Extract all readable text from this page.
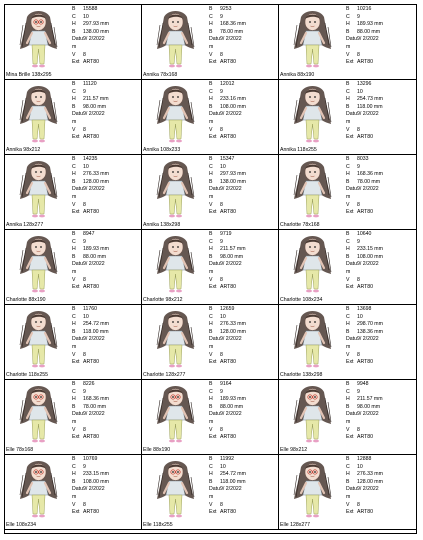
Mina Brille 138x295
B	15588
C	10
H	297.93 mm
B	138.00 mm
Datu 9/ 2/2022
m
V	8
Ext ART80
Annika 78x168
B	9253
C	9
H	168.36 mm
B	78.00 mm
Datu 9/ 2/2022
m
V	8
Ext ART80
Annika 88x190
B	10216
C	9
H	189.93 mm
B	88.00 mm
Datu 9/ 2/2022
m
V	8
Ext ART80
Annika 98x212
B	11120
C	9
H	211.57 mm
B	98.00 mm
Datu 9/ 2/2022
m
V	8
Ext ART80
Annika 108x233
B	12012
C	9
H	233.16 mm
B	108.00 mm
Datu 9/ 2/2022
m
V	8
Ext ART80
Annika 118x255
B	13296
C	10
H	254.73 mm
B	118.00 mm
Datu 9/ 2/2022
m
V	8
Ext ART80
Annika 128x277
B	14235
C	10
H	276.33 mm
B	128.00 mm
Datu 9/ 2/2022
m
V	8
Ext ART80
Annika 138x298
B	15347
C	10
H	297.93 mm
B	138.00 mm
Datu 9/ 2/2022
m
V	8
Ext ART80
Charlotte 78x168
B	8033
C	9
H	168.36 mm
B	78.00 mm
Datu 9/ 2/2022
m
V	8
Ext ART80
Charlotte 88x190
B	8947
C	9
H	189.93 mm
B	88.00 mm
Datu 9/ 2/2022
m
V	8
Ext ART80
Charlotte 98x212
B	9719
C	9
H	211.57 mm
B	98.00 mm
Datu 9/ 2/2022
m
V	8
Ext ART80
Charlotte 108x234
B	10640
C	9
H	233.15 mm
B	108.00 mm
Datu 9/ 2/2022
m
V	8
Ext ART80
Charlotte 118x255
B	11760
C	10
H	254.72 mm
B	118.00 mm
Datu 9/ 2/2022
m
V	8
Ext ART80
Charlotte 128x277
B	12659
C	10
H	276.33 mm
B	128.00 mm
Datu 9/ 2/2022
m
V	8
Ext ART80
Charlotte 138x298
B	13698
C	10
H	298.70 mm
B	138.36 mm
Datu 9/ 2/2022
m
V	8
Ext ART80
Elle 78x168
B	8226
C	9
H	168.36 mm
B	78.00 mm
Datu 9/ 2/2022
m
V	8
Ext ART80
Elle 88x190
B	9164
C	9
H	189.93 mm
B	88.00 mm
Datu 9/ 2/2022
m
V	8
Ext ART80
Elle 98x212
B	9948
C	9
H	211.57 mm
B	98.00 mm
Datu 9/ 2/2022
m
V	8
Ext ART80
Elle 108x234
B	10769
C	9
H	233.15 mm
B	108.00 mm
Datu 9/ 2/2022
m
V	8
Ext ART80
Elle 118x255
B	11992
C	10
H	254.72 mm
B	118.00 mm
Datu 9/ 2/2022
m
V	8
Ext ART80
Elle 128x277
B	12888
C	10
H	276.33 mm
B	128.00 mm
Datu 9/ 2/2022
m
V	8
Ext ART80
